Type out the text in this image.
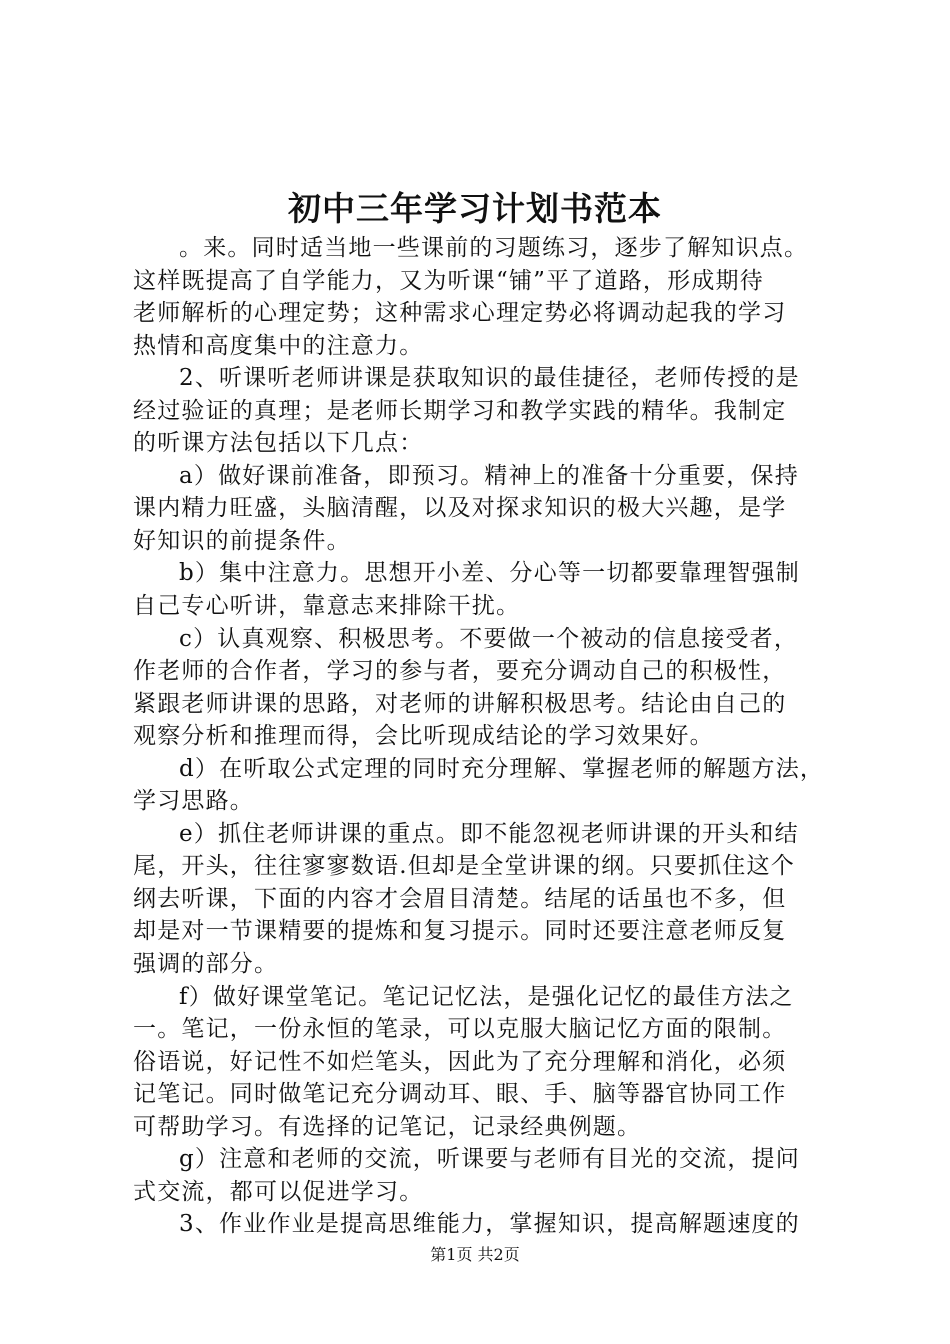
初中三年学习计划书范本
。来。同时适当地一些课前的习题练习，逐步了解知识点。
这样既提高了自学能力，又为听课“铺”平了道路，形成期待
老师解析的心理定势；这种需求心理定势必将调动起我的学习
热情和高度集中的注意力。
2、听课听老师讲课是获取知识的最佳捷径，老师传授的是
经过验证的真理；是老师长期学习和教学实践的精华。我制定
的听课方法包括以下几点：
a）做好课前准备，即预习。精神上的准备十分重要，保持
课内精力旺盛，头脑清醒，以及对探求知识的极大兴趣，是学
好知识的前提条件。
b）集中注意力。思想开小差、分心等一切都要靠理智强制
自己专心听讲，靠意志来排除干扰。
c）认真观察、积极思考。不要做一个被动的信息接受者，
作老师的合作者，学习的参与者，要充分调动自己的积极性，
紧跟老师讲课的思路，对老师的讲解积极思考。结论由自己的
观察分析和推理而得，会比听现成结论的学习效果好。
d）在听取公式定理的同时充分理解、掌握老师的解题方法，
学习思路。
e）抓住老师讲课的重点。即不能忽视老师讲课的开头和结
尾，开头，往往寥寥数语.但却是全堂讲课的纲。只要抓住这个
纲去听课，下面的内容才会眉目清楚。结尾的话虽也不多，但
却是对一节课精要的提炼和复习提示。同时还要注意老师反复
强调的部分。
f）做好课堂笔记。笔记记忆法，是强化记忆的最佳方法之
一。笔记，一份永恒的笔录，可以克服大脑记忆方面的限制。
俗语说，好记性不如烂笔头，因此为了充分理解和消化，必须
记笔记。同时做笔记充分调动耳、眼、手、脑等器官协同工作
可帮助学习。有选择的记笔记，记录经典例题。
g）注意和老师的交流，听课要与老师有目光的交流，提问
式交流，都可以促进学习。
3、作业作业是提高思维能力，掌握知识，提高解题速度的
第1页 共2页
